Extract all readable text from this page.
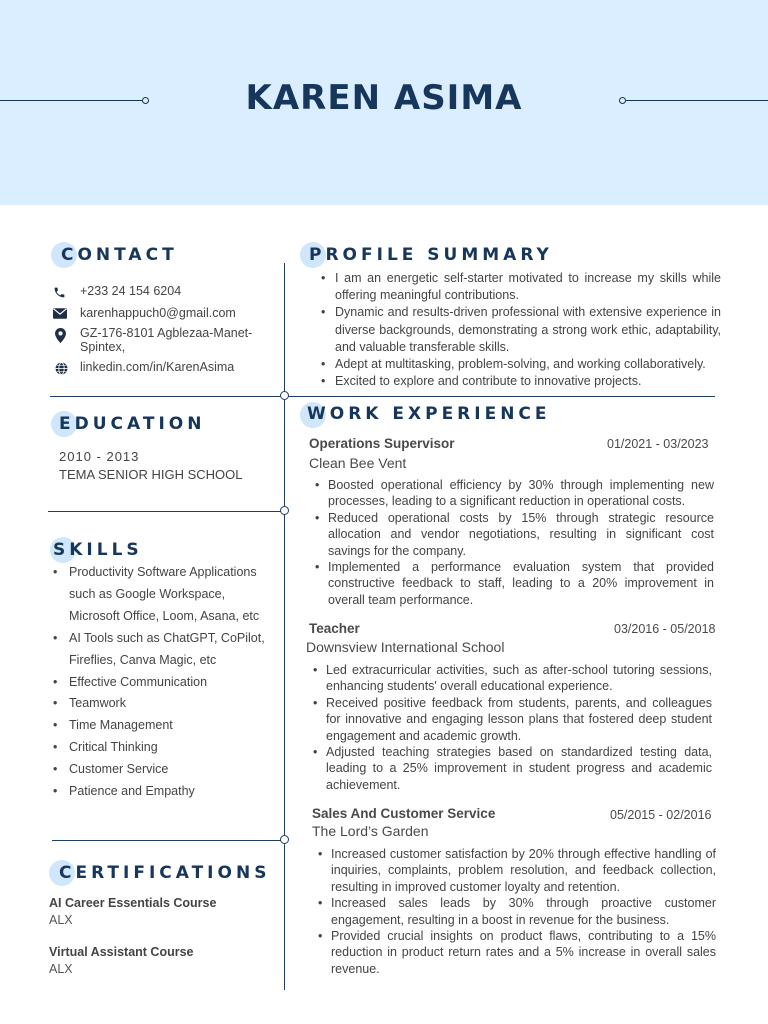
KAREN ASIMA
CONTACT
+233 24 154 6204
karenhappuch0@gmail.com
GZ-176-8101 Agblezaa-Manet-
Spintex,
linkedin.com/in/KarenAsima
EDUCATION
2010 - 2013
TEMA SENIOR HIGH SCHOOL
SKILLS
• Productivity Software Applications such as Google Workspace, Microsoft Office, Loom, Asana, etc
• AI Tools such as ChatGPT, CoPilot, Fireflies, Canva Magic, etc
• Effective Communication
• Teamwork
• Time Management
• Critical Thinking
• Customer Service
• Patience and Empathy
CERTIFICATIONS
AI Career Essentials Course
ALX
Virtual Assistant Course
ALX
PROFILE SUMMARY
• I am an energetic self-starter motivated to increase my skills while offering meaningful contributions.
• Dynamic and results-driven professional with extensive experience in diverse backgrounds, demonstrating a strong work ethic, adaptability, and valuable transferable skills.
• Adept at multitasking, problem-solving, and working collaboratively.
• Excited to explore and contribute to innovative projects.
WORK EXPERIENCE
Operations Supervisor	01/2021 - 03/2023
Clean Bee Vent
• Boosted operational efficiency by 30% through implementing new processes, leading to a significant reduction in operational costs.
• Reduced operational costs by 15% through strategic resource allocation and vendor negotiations, resulting in significant cost savings for the company.
• Implemented a performance evaluation system that provided constructive feedback to staff, leading to a 20% improvement in overall team performance.
Teacher	03/2016 - 05/2018
Downsview International School
• Led extracurricular activities, such as after-school tutoring sessions, enhancing students' overall educational experience.
• Received positive feedback from students, parents, and colleagues for innovative and engaging lesson plans that fostered deep student engagement and academic growth.
• Adjusted teaching strategies based on standardized testing data, leading to a 25% improvement in student progress and academic achievement.
Sales And Customer Service	05/2015 - 02/2016
The Lord’s Garden
• Increased customer satisfaction by 20% through effective handling of inquiries, complaints, problem resolution, and feedback collection, resulting in improved customer loyalty and retention.
• Increased sales leads by 30% through proactive customer engagement, resulting in a boost in revenue for the business.
• Provided crucial insights on product flaws, contributing to a 15% reduction in product return rates and a 5% increase in overall sales revenue.
